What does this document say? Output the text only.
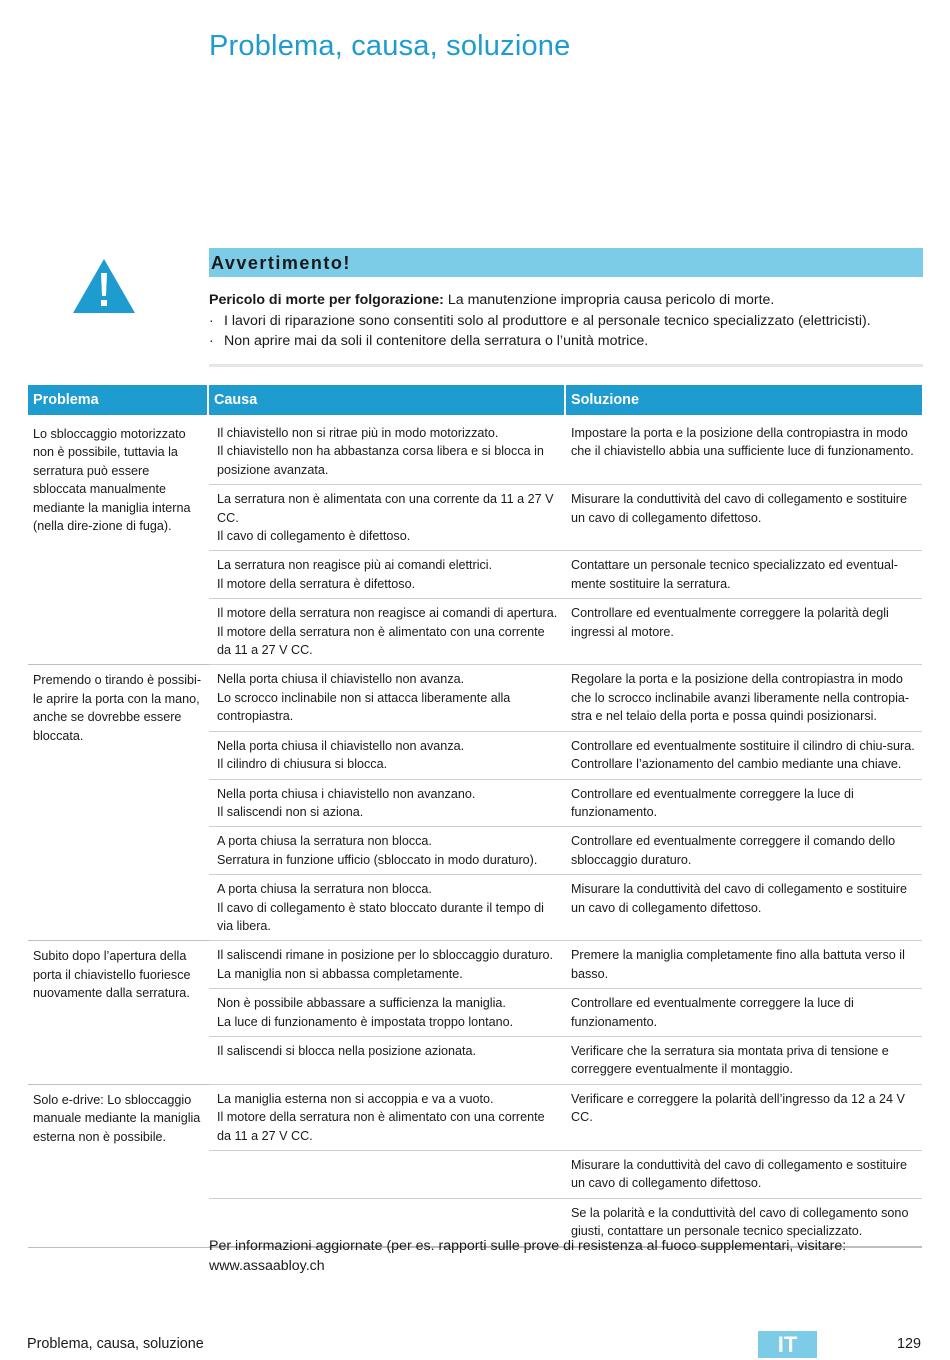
Problema, causa, soluzione
Avvertimento!

Pericolo di morte per folgorazione: La manutenzione impropria causa pericolo di morte.

· I lavori di riparazione sono consentiti solo al produttore e al personale tecnico specializzato (elettricisti).
· Non aprire mai da soli il contenitore della serratura o l’unità motrice.
Problema	Causa	Soluzione

Lo sbloccaggio motorizzato non è possibile, tuttavia la serratura può essere sbloccata manualmente mediante la maniglia interna (nella dire-zione di fuga).	Il chiavistello non si ritrae più in modo motorizzato.
Il chiavistello non ha abbastanza corsa libera e si blocca in posizione avanzata.	Impostare la porta e la posizione della contropiastra in modo che il chiavistello abbia una sufficiente luce di funzionamento.

	La serratura non è alimentata con una corrente da 11 a 27 V CC.
Il cavo di collegamento è difettoso.	Misurare la conduttività del cavo di collegamento e sostituire un cavo di collegamento difettoso.

	La serratura non reagisce più ai comandi elettrici.
Il motore della serratura è difettoso.	Contattare un personale tecnico specializzato ed eventual-mente sostituire la serratura.

	Il motore della serratura non reagisce ai comandi di apertura.
Il motore della serratura non è alimentato con una corrente da 11 a 27 V CC.	Controllare ed eventualmente correggere la polarità degli ingressi al motore.

Premendo o tirando è possibi-le aprire la porta con la mano, anche se dovrebbe essere bloccata.	Nella porta chiusa il chiavistello non avanza.
Lo scrocco inclinabile non si attacca liberamente alla contropiastra.	Regolare la porta e la posizione della contropiastra in modo che lo scrocco inclinabile avanzi liberamente nella contropia-stra e nel telaio della porta e possa quindi posizionarsi.

	Nella porta chiusa il chiavistello non avanza.
Il cilindro di chiusura si blocca.	Controllare ed eventualmente sostituire il cilindro di chiu-sura. Controllare l’azionamento del cambio mediante una chiave.

	Nella porta chiusa i chiavistello non avanzano.
Il saliscendi non si aziona.	Controllare ed eventualmente correggere la luce di funzionamento.

	A porta chiusa la serratura non blocca.
Serratura in funzione ufficio (sbloccato in modo duraturo).	Controllare ed eventualmente correggere il comando dello sbloccaggio duraturo.

	A porta chiusa la serratura non blocca.
Il cavo di collegamento è stato bloccato durante il tempo di via libera.	Misurare la conduttività del cavo di collegamento e sostituire un cavo di collegamento difettoso.

Subito dopo l’apertura della porta il chiavistello fuoriesce nuovamente dalla serratura.	Il saliscendi rimane in posizione per lo sbloccaggio duraturo.
La maniglia non si abbassa completamente.	Premere la maniglia completamente fino alla battuta verso il basso.

	Non è possibile abbassare a sufficienza la maniglia.
La luce di funzionamento è impostata troppo lontano.	Controllare ed eventualmente correggere la luce di funzionamento.

	Il saliscendi si blocca nella posizione azionata.	Verificare che la serratura sia montata priva di tensione e correggere eventualmente il montaggio.

Solo e-drive: Lo sbloccaggio manuale mediante la maniglia esterna non è possibile.	La maniglia esterna non si accoppia e va a vuoto.
Il motore della serratura non è alimentato con una corrente da 11 a 27 V CC.	Verificare e correggere la polarità dell’ingresso da 12 a 24 V CC.

		Misurare la conduttività del cavo di collegamento e sostituire un cavo di collegamento difettoso.

		Se la polarità e la conduttività del cavo di collegamento sono giusti, contattare un personale tecnico specializzato.

Per informazioni aggiornate (per es. rapporti sulle prove di resistenza al fuoco supplementari, visitare: www.assaabloy.ch

Problema, causa, soluzione	IT	129
